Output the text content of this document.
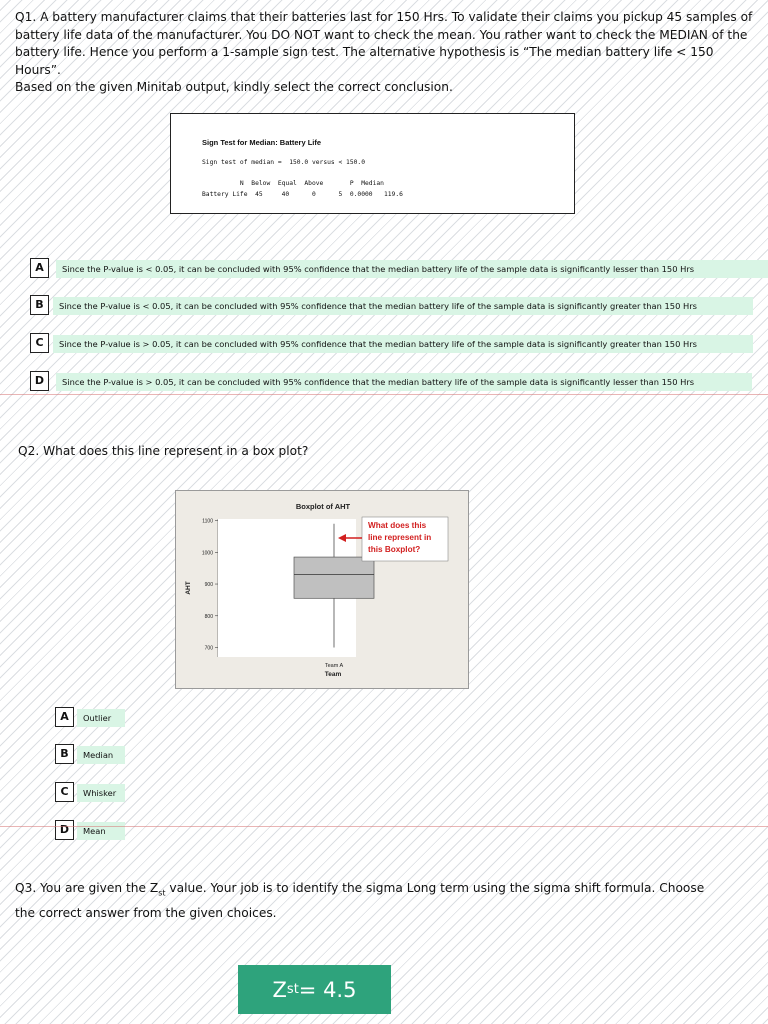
Q1. A battery manufacturer claims that their batteries last for 150 Hrs. To validate their claims you pickup 45 samples of

battery life data of the manufacturer. You DO NOT want to check the mean. You rather want to check the MEDIAN of the

battery life. Hence you perform a 1-sample sign test. The alternative hypothesis is “The median battery life < 150 Hours”.

Based on the given Minitab output, kindly select the correct conclusion.

Sign Test for Median: Battery Life
Sign test of median =  150.0 versus < 150.0
N  Below  Equal  Above       P  Median
Battery Life  45     40      0      5  0.0000   119.6
A	Since the P-value is < 0.05, it can be concluded with 95% confidence that the median battery life of the sample data is significantly lesser than 150 Hrs
B	Since the P-value is < 0.05, it can be concluded with 95% confidence that the median battery life of the sample data is significantly greater than 150 Hrs
C	Since the P-value is > 0.05, it can be concluded with 95% confidence that the median battery life of the sample data is significantly greater than 150 Hrs
D	Since the P-value is > 0.05, it can be concluded with 95% confidence that the median battery life of the sample data is significantly lesser than 150 Hrs
Q2. What does this line represent in a box plot?
Boxplot of AHT
AHT
Team
700
800
900
1000
1100
Team A
What does this
line represent in
this Boxplot?
A	Outlier
B	Median
C	Whisker
D	Mean

Q3. You are given the $Z_{st}$ value. Your job is to identify the sigma Long term using the sigma shift formula. Choose

the correct answer from the given choices.

Z st = 4.5
